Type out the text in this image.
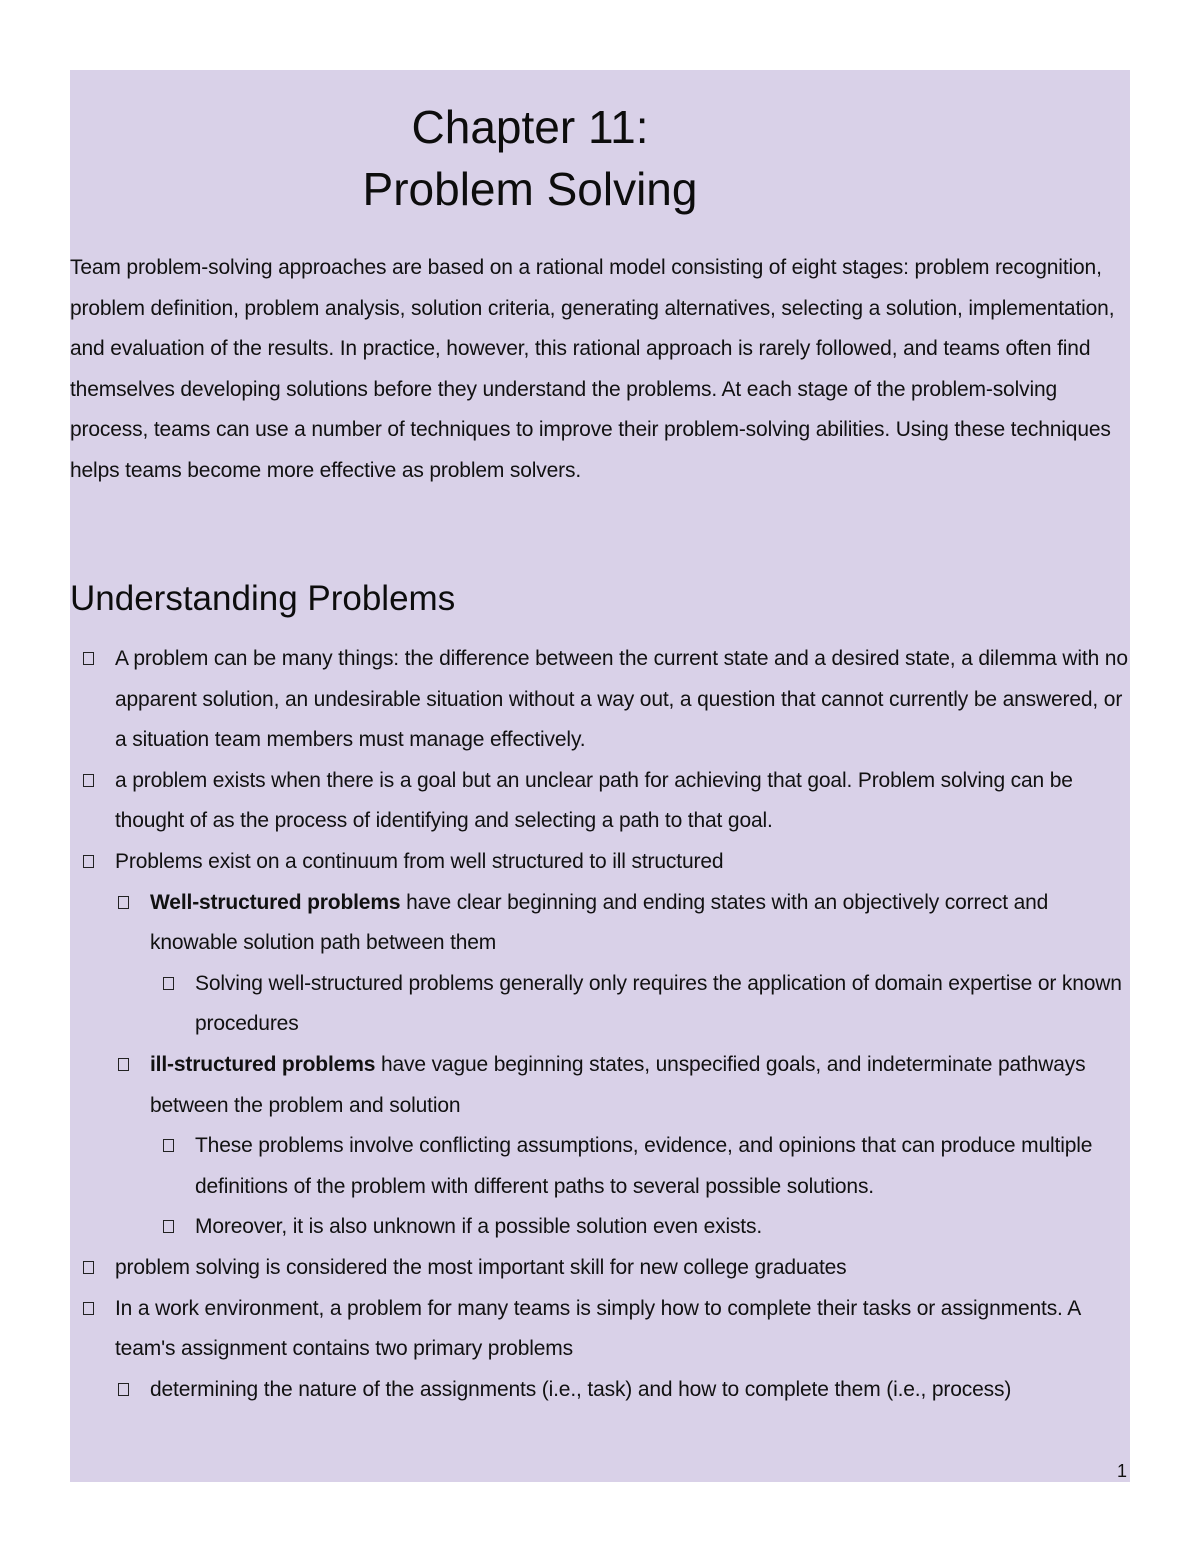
Chapter 11:
Problem Solving

Team problem-solving approaches are based on a rational model consisting of eight stages: problem recognition, problem definition, problem analysis, solution criteria, generating alternatives, selecting a solution, implementation, and evaluation of the results. In practice, however, this rational approach is rarely followed, and teams often find themselves developing solutions before they understand the problems. At each stage of the problem-solving process, teams can use a number of techniques to improve their problem-solving abilities. Using these techniques helps teams become more effective as problem solvers.

Understanding Problems
A problem can be many things: the difference between the current state and a desired state, a dilemma with no apparent solution, an undesirable situation without a way out, a question that cannot currently be answered, or a situation team members must manage effectively.
a problem exists when there is a goal but an unclear path for achieving that goal. Problem solving can be thought of as the process of identifying and selecting a path to that goal.
Problems exist on a continuum from well structured to ill structured
Well-structured problems have clear beginning and ending states with an objectively correct and knowable solution path between them
Solving well-structured problems generally only requires the application of domain expertise or known procedures
ill-structured problems have vague beginning states, unspecified goals, and indeterminate pathways between the problem and solution
These problems involve conflicting assumptions, evidence, and opinions that can produce multiple definitions of the problem with different paths to several possible solutions.
Moreover, it is also unknown if a possible solution even exists.
problem solving is considered the most important skill for new college graduates
In a work environment, a problem for many teams is simply how to complete their tasks or assignments. A team's assignment contains two primary problems
determining the nature of the assignments (i.e., task) and how to complete them (i.e., process)
1
